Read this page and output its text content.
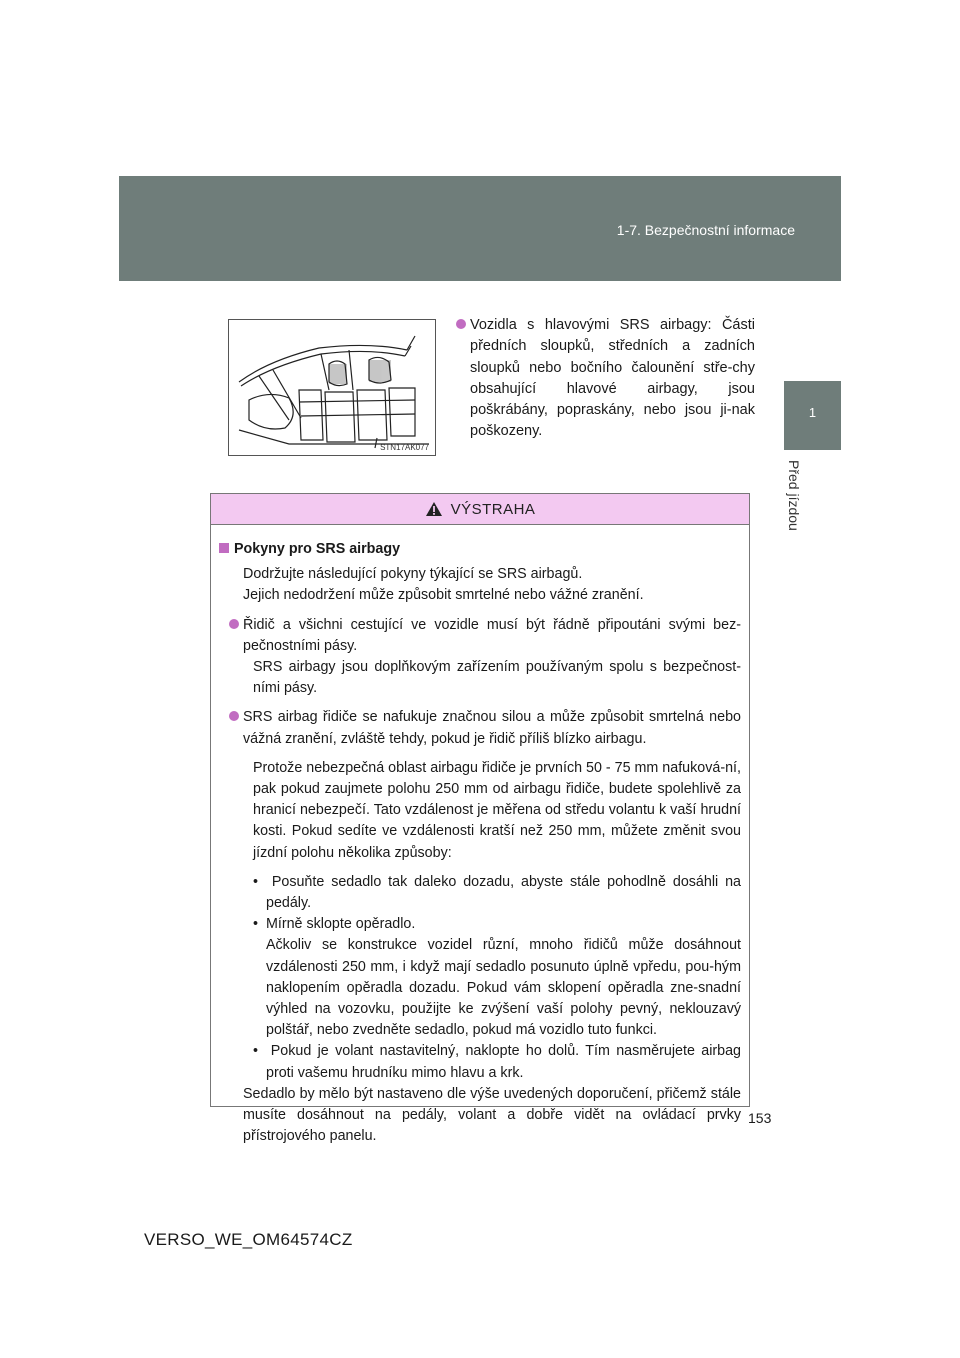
1-7. Bezpečnostní informace
1
Před jízdou
STN17AK077
Vozidla s hlavovými SRS airbagy: Části předních sloupků, středních a zadních sloupků nebo bočního čalounění stře-chy obsahující hlavové airbagy, jsou poškrábány, popraskány, nebo jsou ji-nak poškozeny.
VÝSTRAHA
Pokyny pro SRS airbagy
Dodržujte následující pokyny týkající se SRS airbagů.
Jejich nedodržení může způsobit smrtelné nebo vážné zranění.
Řidič a všichni cestující ve vozidle musí být řádně připoutáni svými bez-pečnostními pásy.
SRS airbagy jsou doplňkovým zařízením používaným spolu s bezpečnost-ními pásy.
SRS airbag řidiče se nafukuje značnou silou a může způsobit smrtelná nebo vážná zranění, zvláště tehdy, pokud je řidič příliš blízko airbagu.
Protože nebezpečná oblast airbagu řidiče je prvních 50 - 75 mm nafuková-ní, pak pokud zaujmete polohu 250 mm od airbagu řidiče, budete spolehlivě za hranicí nebezpečí. Tato vzdálenost je měřena od středu volantu k vaší hrudní kosti. Pokud sedíte ve vzdálenosti kratší než 250 mm, můžete změnit svou jízdní polohu několika způsoby:
•  Posuňte sedadlo tak daleko dozadu, abyste stále pohodlně dosáhli na pedály.
•  Mírně sklopte opěradlo.
Ačkoliv se konstrukce vozidel různí, mnoho řidičů může dosáhnout vzdálenosti 250 mm, i když mají sedadlo posunuto úplně vpředu, pou-hým naklopením opěradla dozadu. Pokud vám sklopení opěradla zne-snadní výhled na vozovku, použijte ke zvýšení vaší polohy pevný, neklouzavý polštář, nebo zvedněte sedadlo, pokud má vozidlo tuto funkci.
•  Pokud je volant nastavitelný, naklopte ho dolů. Tím nasměrujete airbag proti vašemu hrudníku mimo hlavu a krk.
Sedadlo by mělo být nastaveno dle výše uvedených doporučení, přičemž stále musíte dosáhnout na pedály, volant a dobře vidět na ovládací prvky přístrojového panelu.
153
VERSO_WE_OM64574CZ
